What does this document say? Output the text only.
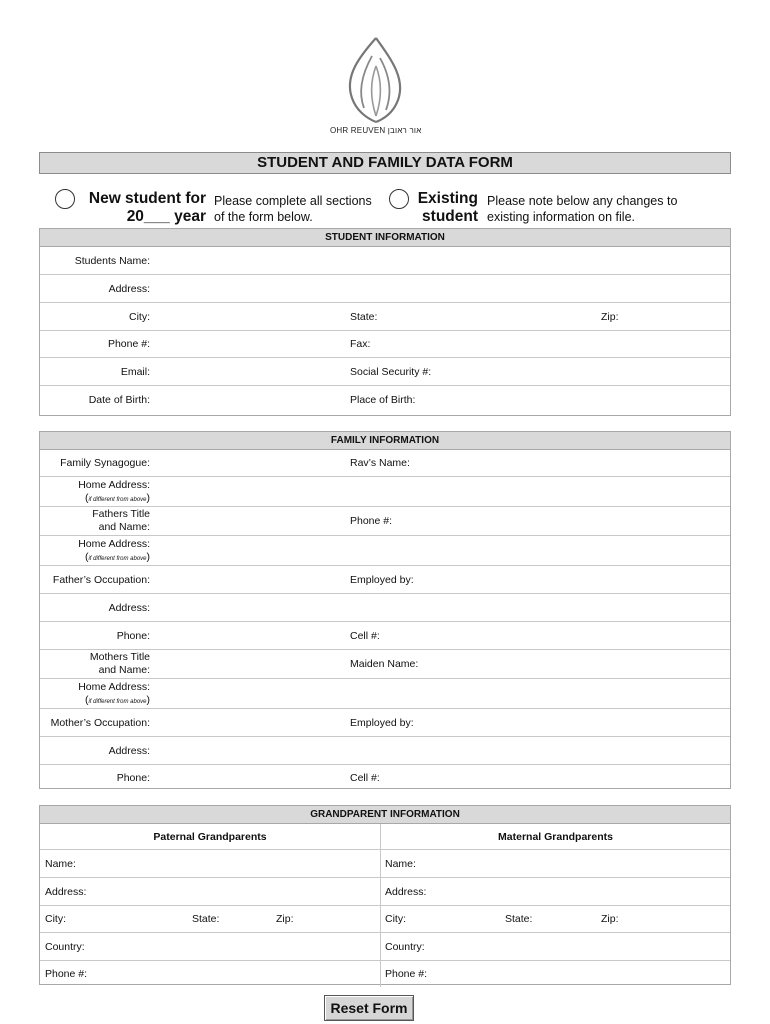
OHR REUVEN אור ראובן
STUDENT AND FAMILY DATA FORM
New student for
20___ year
Please complete all sections
of the form below.
Existing
student
Please note below any changes to
existing information on file.
STUDENT INFORMATION
Students Name:
Address:
City:	State:	Zip:
Phone #:	Fax:
Email:	Social Security #:
Date of Birth:	Place of Birth:
FAMILY INFORMATION
Family Synagogue:	Rav’s Name:
Home Address:
(if different from above)
Fathers Title
and Name:	Phone #:
Home Address:
(if different from above)
Father’s Occupation:	Employed by:
Address:
Phone:	Cell #:
Mothers Title
and Name:	Maiden Name:
Home Address:
(if different from above)
Mother’s Occupation:	Employed by:
Address:
Phone:	Cell #:
GRANDPARENT INFORMATION
Paternal Grandparents	Maternal Grandparents
Name:	Name:
Address:	Address:
City:	State:	Zip:	City:	State:	Zip:
Country:	Country:
Phone #:	Phone #:
Reset Form
